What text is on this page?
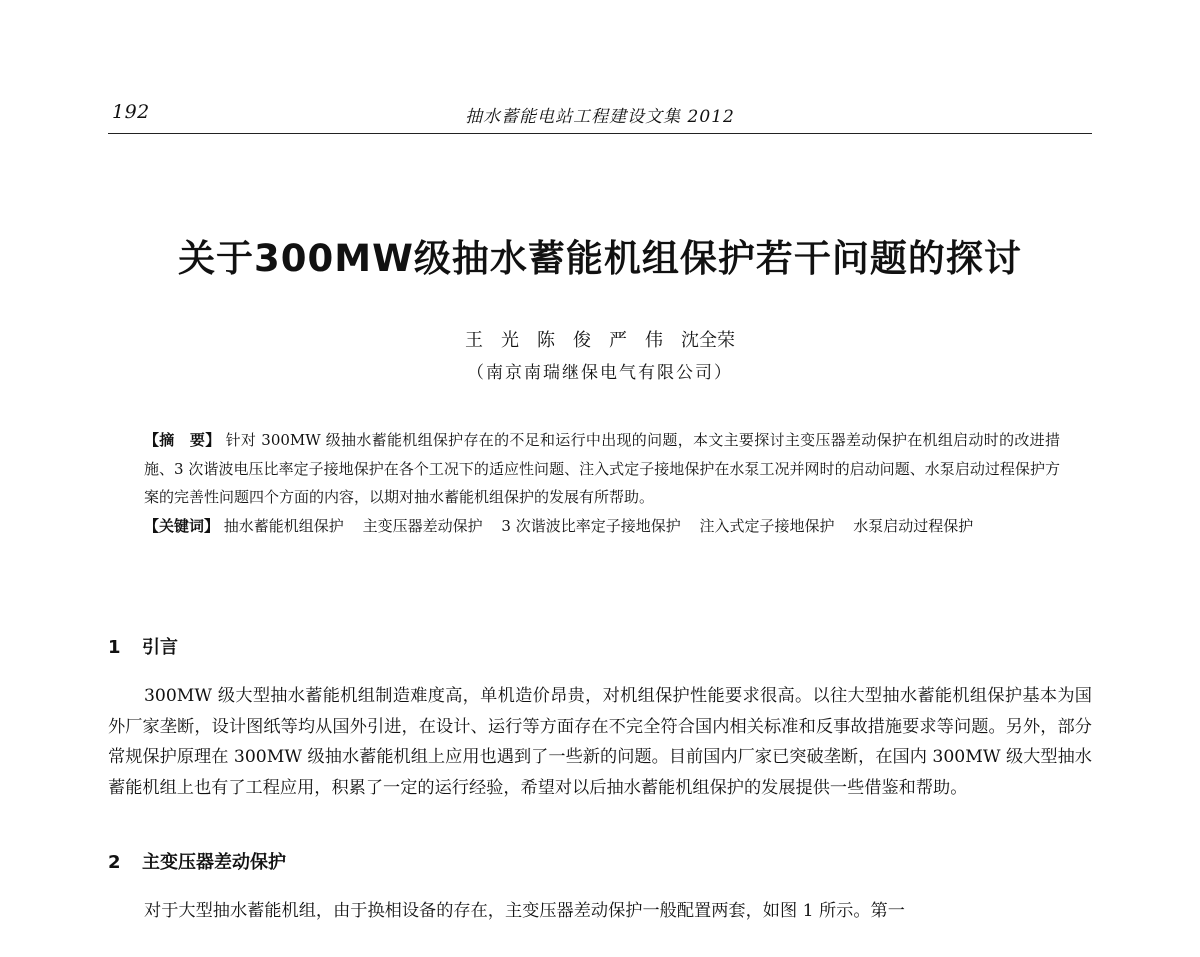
192	抽水蓄能电站工程建设文集 2012
关于300MW级抽水蓄能机组保护若干问题的探讨
王　光　陈　俊　严　伟　沈全荣
（南京南瑞继保电气有限公司）

【摘　要】 针对 300MW 级抽水蓄能机组保护存在的不足和运行中出现的问题，本文主要探讨主变压器差动保护在机组启动时的改进措施、3 次谐波电压比率定子接地保护在各个工况下的适应性问题、注入式定子接地保护在水泵工况并网时的启动问题、水泵启动过程保护方案的完善性问题四个方面的内容，以期对抽水蓄能机组保护的发展有所帮助。

【关键词】 抽水蓄能机组保护 主变压器差动保护 3 次谐波比率定子接地保护 注入式定子接地保护 水泵启动过程保护

1 引言

300MW 级大型抽水蓄能机组制造难度高，单机造价昂贵，对机组保护性能要求很高。以往大型抽水蓄能机组保护基本为国外厂家垄断，设计图纸等均从国外引进，在设计、运行等方面存在不完全符合国内相关标准和反事故措施要求等问题。另外，部分常规保护原理在 300MW 级抽水蓄能机组上应用也遇到了一些新的问题。目前国内厂家已突破垄断，在国内 300MW 级大型抽水蓄能机组上也有了工程应用，积累了一定的运行经验，希望对以后抽水蓄能机组保护的发展提供一些借鉴和帮助。

2 主变压器差动保护

对于大型抽水蓄能机组，由于换相设备的存在，主变压器差动保护一般配置两套，如图 1 所示。第一
